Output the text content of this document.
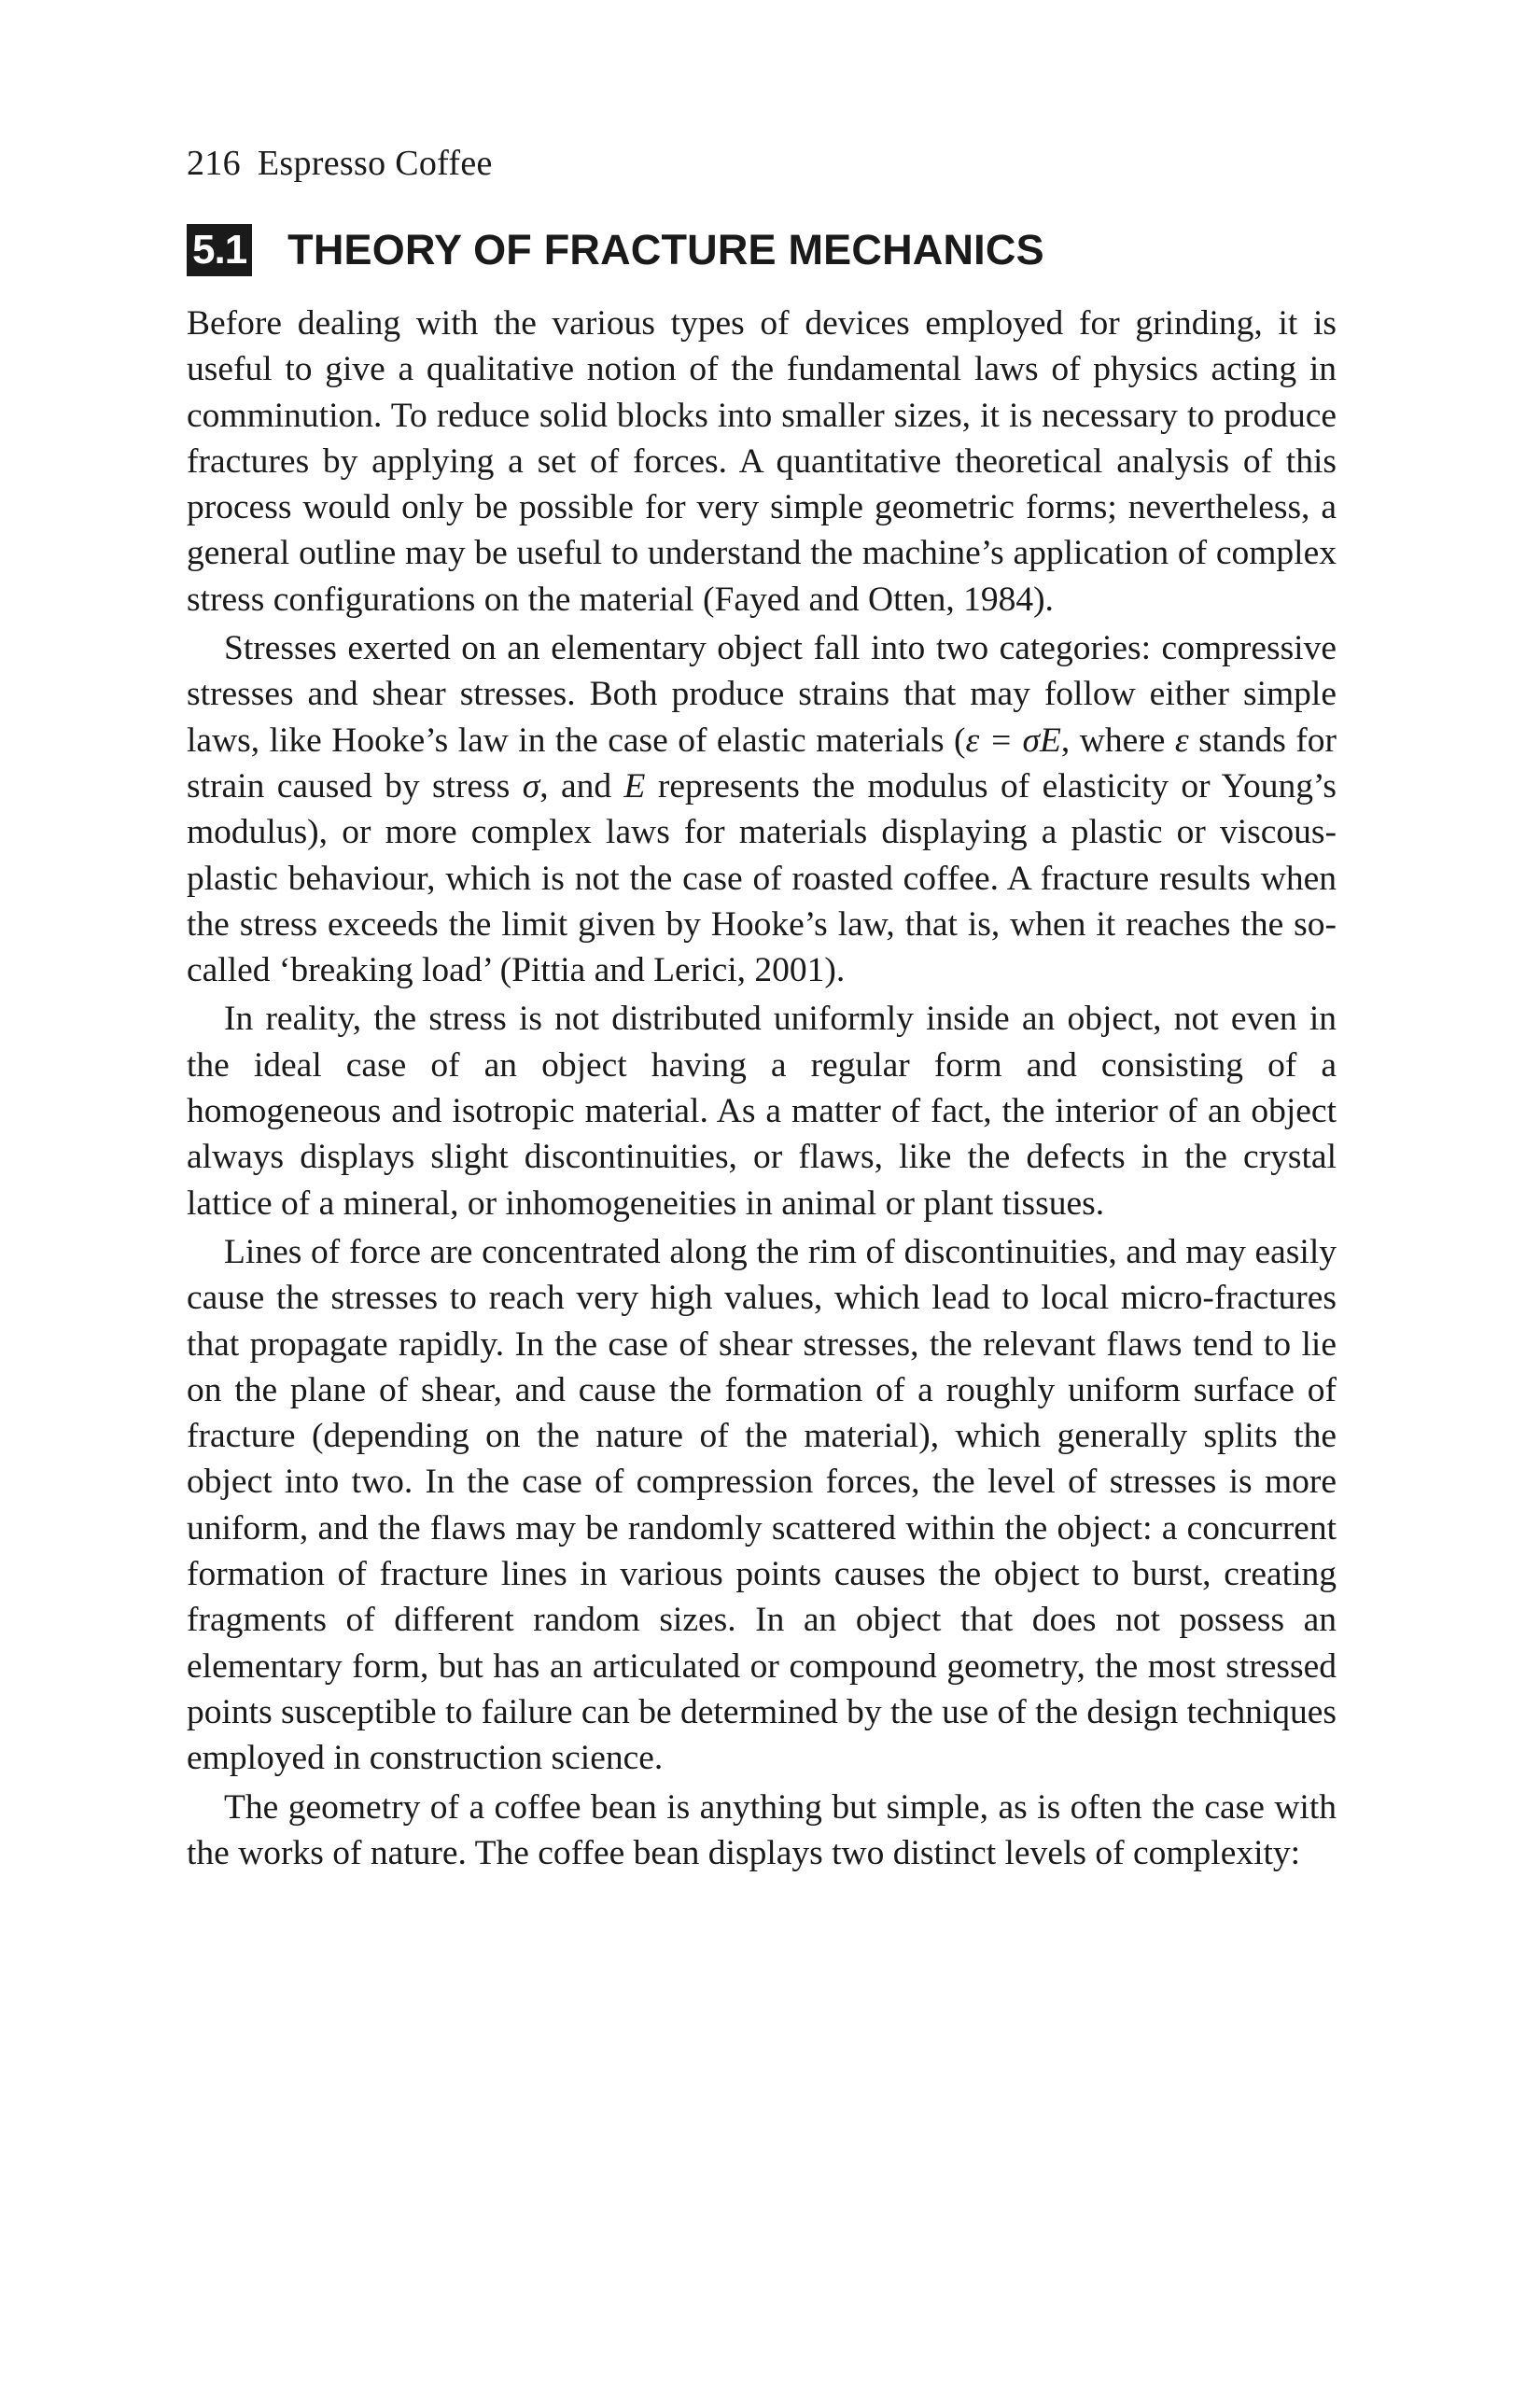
216 Espresso Coffee
5.1 THEORY OF FRACTURE MECHANICS

Before dealing with the various types of devices employed for grinding, it is useful to give a qualitative notion of the fundamental laws of physics acting in comminution. To reduce solid blocks into smaller sizes, it is necessary to produce fractures by applying a set of forces. A quantitative theoretical analysis of this process would only be possible for very simple geometric forms; nevertheless, a general outline may be useful to understand the machine’s application of complex stress configurations on the material (Fayed and Otten, 1984).

Stresses exerted on an elementary object fall into two categories: compressive stresses and shear stresses. Both produce strains that may follow either simple laws, like Hooke’s law in the case of elastic materials (ε = σE, where ε stands for strain caused by stress σ, and E represents the modulus of elasticity or Young’s modulus), or more complex laws for materials displaying a plastic or viscous-plastic behaviour, which is not the case of roasted coffee. A fracture results when the stress exceeds the limit given by Hooke’s law, that is, when it reaches the so-called ‘breaking load’ (Pittia and Lerici, 2001).

In reality, the stress is not distributed uniformly inside an object, not even in the ideal case of an object having a regular form and consisting of a homogeneous and isotropic material. As a matter of fact, the interior of an object always displays slight discontinuities, or flaws, like the defects in the crystal lattice of a mineral, or inhomogeneities in animal or plant tissues.

Lines of force are concentrated along the rim of discontinuities, and may easily cause the stresses to reach very high values, which lead to local micro-fractures that propagate rapidly. In the case of shear stresses, the relevant flaws tend to lie on the plane of shear, and cause the formation of a roughly uniform surface of fracture (depending on the nature of the material), which generally splits the object into two. In the case of compression forces, the level of stresses is more uniform, and the flaws may be randomly scattered within the object: a concurrent formation of fracture lines in various points causes the object to burst, creating fragments of different random sizes. In an object that does not possess an elementary form, but has an articulated or compound geometry, the most stressed points susceptible to failure can be determined by the use of the design techniques employed in construction science.

The geometry of a coffee bean is anything but simple, as is often the case with the works of nature. The coffee bean displays two distinct levels of complexity:
